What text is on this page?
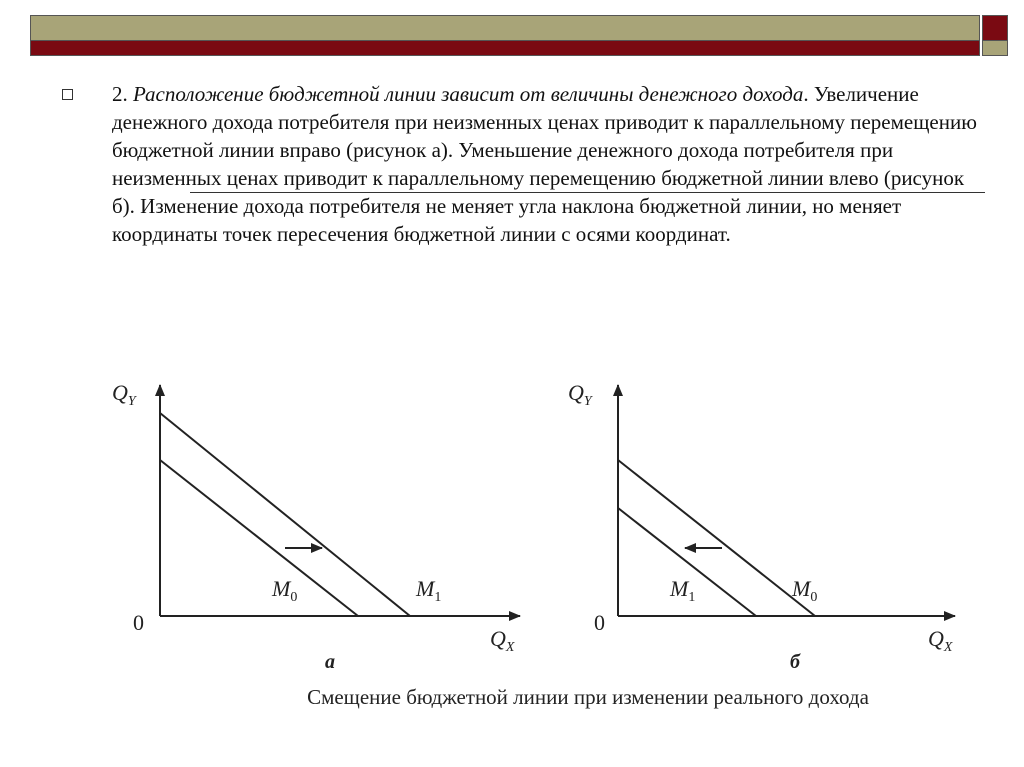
2. Расположение бюджетной линии зависит от величины денежного дохода. Увеличение денежного дохода потребителя при неизменных ценах приводит к параллельному перемещению бюджетной линии вправо (рисунок а). Уменьшение денежного дохода потребителя при неизменных ценах приводит к параллельному перемещению бюджетной линии влево (рисунок б). Изменение дохода потребителя не меняет угла наклона бюджетной линии, но меняет координаты точек пересечения бюджетной линии с осями координат.

$Q_Y$
$Q_X$
0
$M_0$	$M_1$
а
$Q_Y$
$Q_X$
0
$M_1$	$M_0$
б
Смещение бюджетной линии при изменении реального дохода
